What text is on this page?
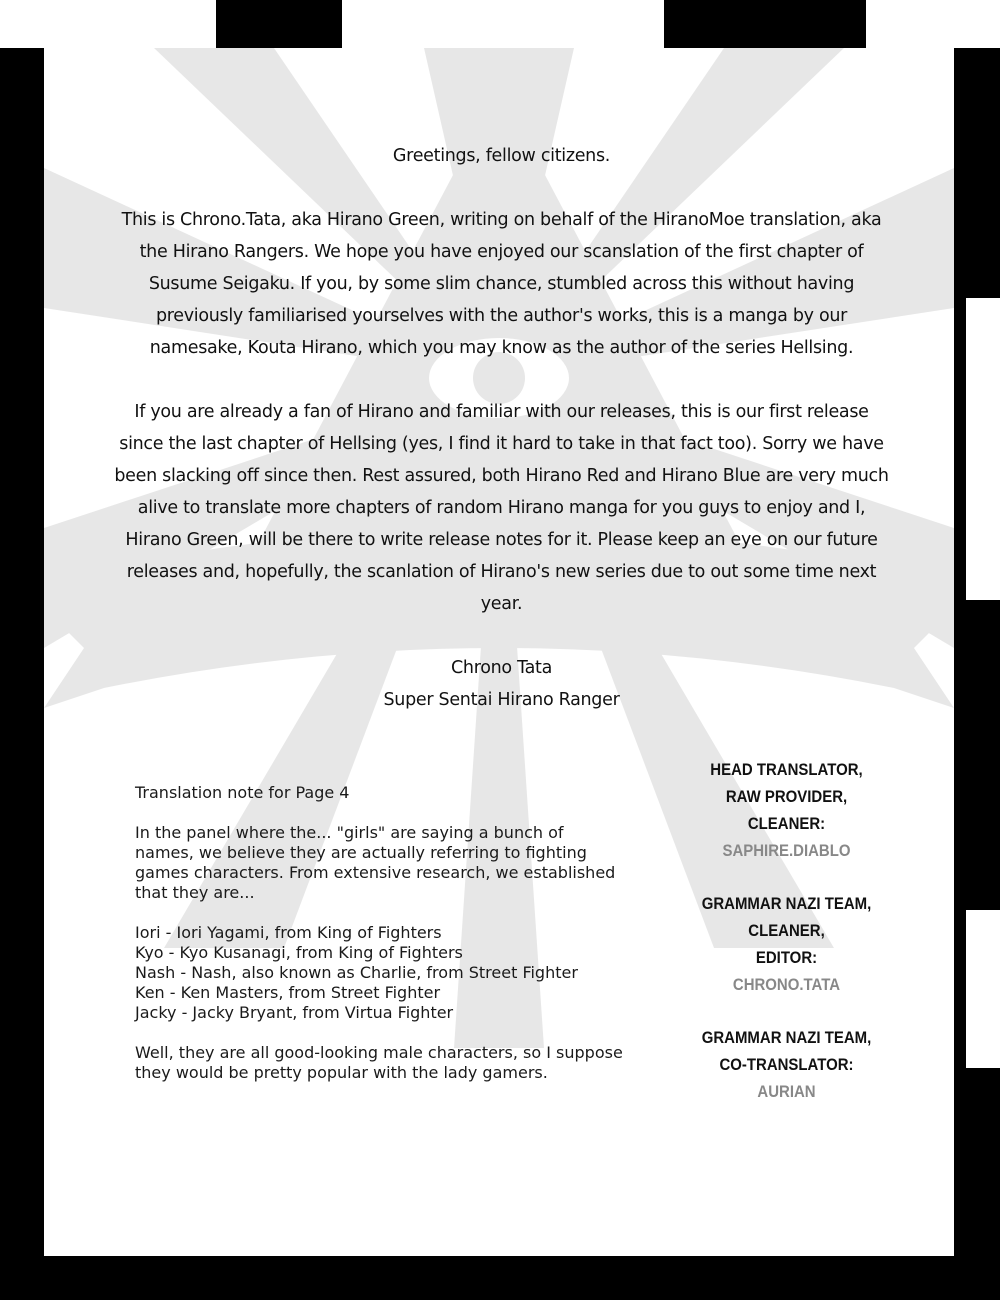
Greetings, fellow citizens.

This is Chrono.Tata, aka Hirano Green, writing on behalf of the HiranoMoe translation, aka the Hirano Rangers. We hope you have enjoyed our scanslation of the first chapter of Susume Seigaku. If you, by some slim chance, stumbled across this without having previously familiarised yourselves with the author's works, this is a manga by our namesake, Kouta Hirano, which you may know as the author of the series Hellsing.

If you are already a fan of Hirano and familiar with our releases, this is our first release since the last chapter of Hellsing (yes, I find it hard to take in that fact too). Sorry we have been slacking off since then. Rest assured, both Hirano Red and Hirano Blue are very much alive to translate more chapters of random Hirano manga for you guys to enjoy and I, Hirano Green, will be there to write release notes for it. Please keep an eye on our future releases and, hopefully, the scanlation of Hirano's new series due to out some time next year.

Chrono Tata

Super Sentai Hirano Ranger

Translation note for Page 4

In the panel where the... "girls" are saying a bunch of names, we believe they are actually referring to fighting games characters. From extensive research, we established that they are...

Iori - Iori Yagami, from King of Fighters
Kyo - Kyo Kusanagi, from King of Fighters
Nash - Nash, also known as Charlie, from Street Fighter
Ken - Ken Masters, from Street Fighter
Jacky - Jacky Bryant, from Virtua Fighter

Well, they are all good-looking male characters, so I suppose they would be pretty popular with the lady gamers.

HEAD TRANSLATOR,
RAW PROVIDER,
CLEANER:
SAPHIRE.DIABLO
GRAMMAR NAZI TEAM,
CLEANER,
EDITOR:
CHRONO.TATA
GRAMMAR NAZI TEAM,
CO-TRANSLATOR:
AURIAN
